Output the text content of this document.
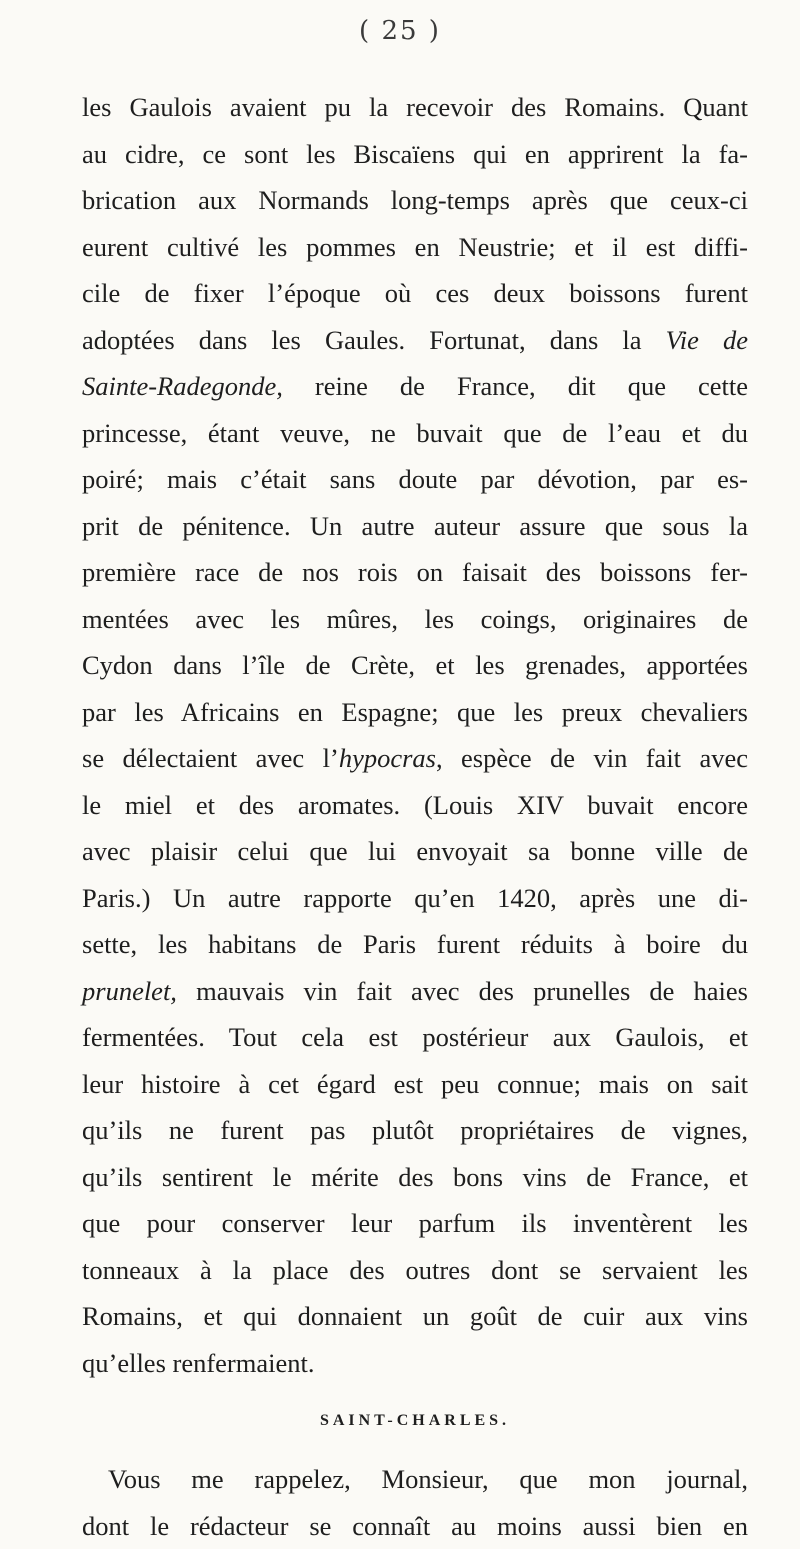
( 25 )
les Gaulois avaient pu la recevoir des Romains. Quant
au cidre, ce sont les Biscaïens qui en apprirent la fa-
brication aux Normands long-temps après que ceux-ci
eurent cultivé les pommes en Neustrie; et il est diffi-
cile de fixer l’époque où ces deux boissons furent
adoptées dans les Gaules. Fortunat, dans la Vie de
Sainte-Radegonde, reine de France, dit que cette
princesse, étant veuve, ne buvait que de l’eau et du
poiré; mais c’était sans doute par dévotion, par es-
prit de pénitence. Un autre auteur assure que sous la
première race de nos rois on faisait des boissons fer-
mentées avec les mûres, les coings, originaires de
Cydon dans l’île de Crète, et les grenades, apportées
par les Africains en Espagne; que les preux chevaliers
se délectaient avec l’hypocras, espèce de vin fait avec
le miel et des aromates. (Louis XIV buvait encore
avec plaisir celui que lui envoyait sa bonne ville de
Paris.) Un autre rapporte qu’en 1420, après une di-
sette, les habitans de Paris furent réduits à boire du
prunelet, mauvais vin fait avec des prunelles de haies
fermentées. Tout cela est postérieur aux Gaulois, et
leur histoire à cet égard est peu connue; mais on sait
qu’ils ne furent pas plutôt propriétaires de vignes,
qu’ils sentirent le mérite des bons vins de France, et
que pour conserver leur parfum ils inventèrent les
tonneaux à la place des outres dont se servaient les
Romains, et qui donnaient un goût de cuir aux vins
qu’elles renfermaient.
SAINT-CHARLES.
Vous me rappelez, Monsieur, que mon journal,
dont le rédacteur se connaît au moins aussi bien en
